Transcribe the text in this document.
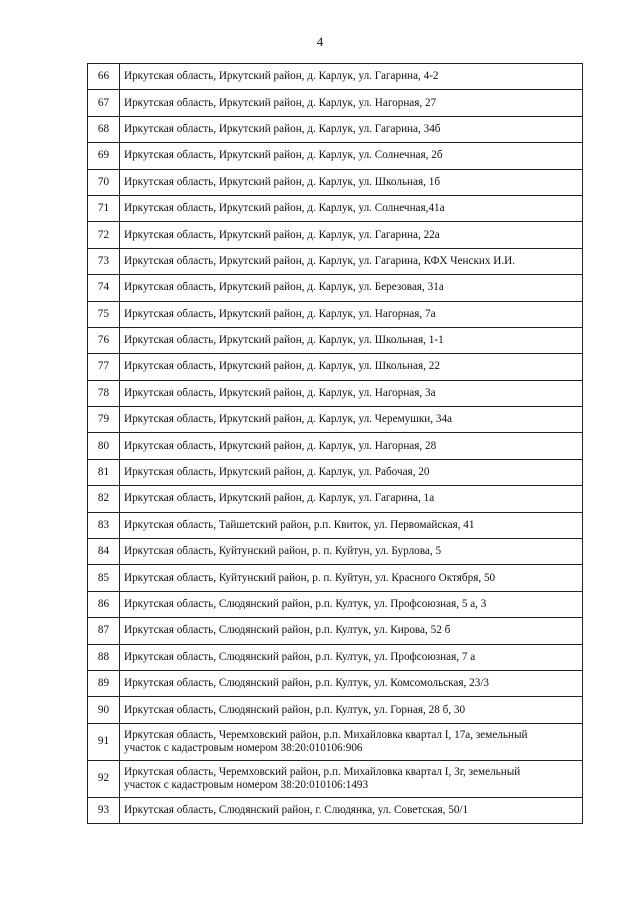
4
66	Иркутская область, Иркутский район, д. Карлук, ул. Гагарина, 4-2
67	Иркутская область, Иркутский район, д. Карлук, ул. Нагорная, 27
68	Иркутская область, Иркутский район, д. Карлук, ул. Гагарина, 34б
69	Иркутская область, Иркутский район, д. Карлук, ул. Солнечная, 2б
70	Иркутская область, Иркутский район, д. Карлук, ул. Школьная, 1б
71	Иркутская область, Иркутский район, д. Карлук, ул. Солнечная,41а
72	Иркутская область, Иркутский район, д. Карлук, ул. Гагарина, 22а
73	Иркутская область, Иркутский район, д. Карлук, ул. Гагарина, КФХ Ченских И.И.
74	Иркутская область, Иркутский район, д. Карлук, ул. Березовая, 31а
75	Иркутская область, Иркутский район, д. Карлук, ул. Нагорная, 7а
76	Иркутская область, Иркутский район, д. Карлук, ул. Школьная, 1-1
77	Иркутская область, Иркутский район, д. Карлук, ул. Школьная, 22
78	Иркутская область, Иркутский район, д. Карлук, ул. Нагорная, 3а
79	Иркутская область, Иркутский район, д. Карлук, ул. Черемушки, 34а
80	Иркутская область, Иркутский район, д. Карлук, ул. Нагорная, 28
81	Иркутская область, Иркутский район, д. Карлук, ул. Рабочая, 20
82	Иркутская область, Иркутский район, д. Карлук, ул. Гагарина, 1а
83	Иркутская область, Тайшетский район, р.п. Квиток, ул. Первомайская, 41
84	Иркутская область, Куйтунский район, р. п. Куйтун, ул. Бурлова, 5
85	Иркутская область, Куйтунский район, р. п. Куйтун, ул. Красного Октября, 50
86	Иркутская область, Слюдянский район, р.п. Култук, ул. Профсоюзная, 5 а, 3
87	Иркутская область, Слюдянский район, р.п. Култук, ул. Кирова, 52 б
88	Иркутская область, Слюдянский район, р.п. Култук, ул. Профсоюзная, 7 а
89	Иркутская область, Слюдянский район, р.п. Култук, ул. Комсомольская, 23/3
90	Иркутская область, Слюдянский район, р.п. Култук, ул. Горная, 28 б, 30
91	Иркутская область, Черемховский район, р.п. Михайловка квартал I, 17а, земельный
участок с кадастровым номером 38:20:010106:906
92	Иркутская область, Черемховский район, р.п. Михайловка квартал I, 3г, земельный
участок с кадастровым номером 38:20:010106:1493
93	Иркутская область, Слюдянский район, г. Слюдянка, ул. Советская, 50/1
